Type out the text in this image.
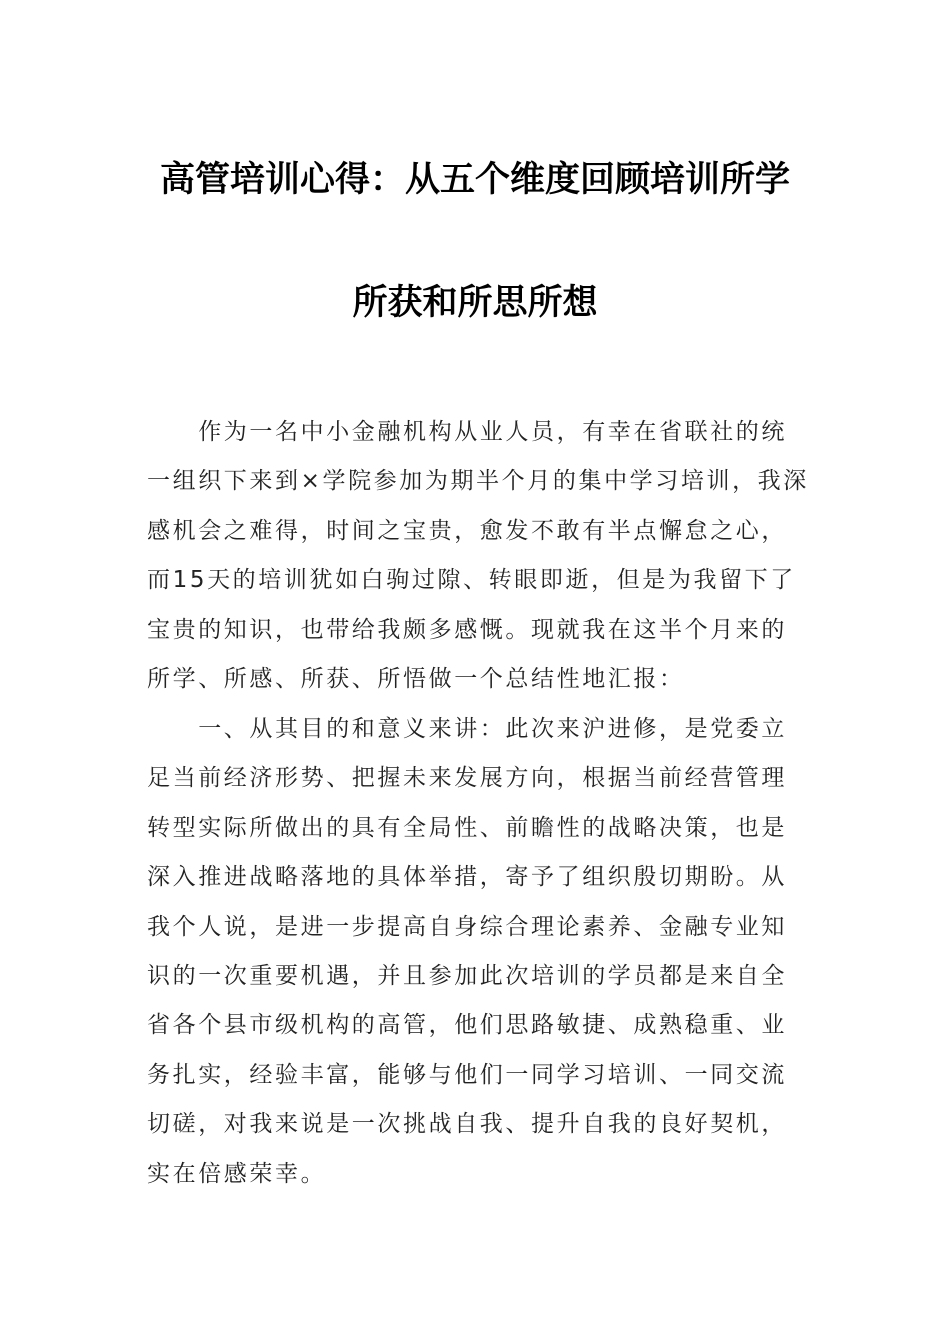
高管培训心得：从五个维度回顾培训所学
所获和所思所想
　　作为一名中小金融机构从业人员，有幸在省联社的统
一组织下来到×学院参加为期半个月的集中学习培训，我深
感机会之难得，时间之宝贵，愈发不敢有半点懈怠之心，
而15天的培训犹如白驹过隙、转眼即逝，但是为我留下了
宝贵的知识，也带给我颇多感慨。现就我在这半个月来的
所学、所感、所获、所悟做一个总结性地汇报：
　　一、从其目的和意义来讲：此次来沪进修，是党委立
足当前经济形势、把握未来发展方向，根据当前经营管理
转型实际所做出的具有全局性、前瞻性的战略决策，也是
深入推进战略落地的具体举措，寄予了组织殷切期盼。从
我个人说，是进一步提高自身综合理论素养、金融专业知
识的一次重要机遇，并且参加此次培训的学员都是来自全
省各个县市级机构的高管，他们思路敏捷、成熟稳重、业
务扎实，经验丰富，能够与他们一同学习培训、一同交流
切磋，对我来说是一次挑战自我、提升自我的良好契机，
实在倍感荣幸。
